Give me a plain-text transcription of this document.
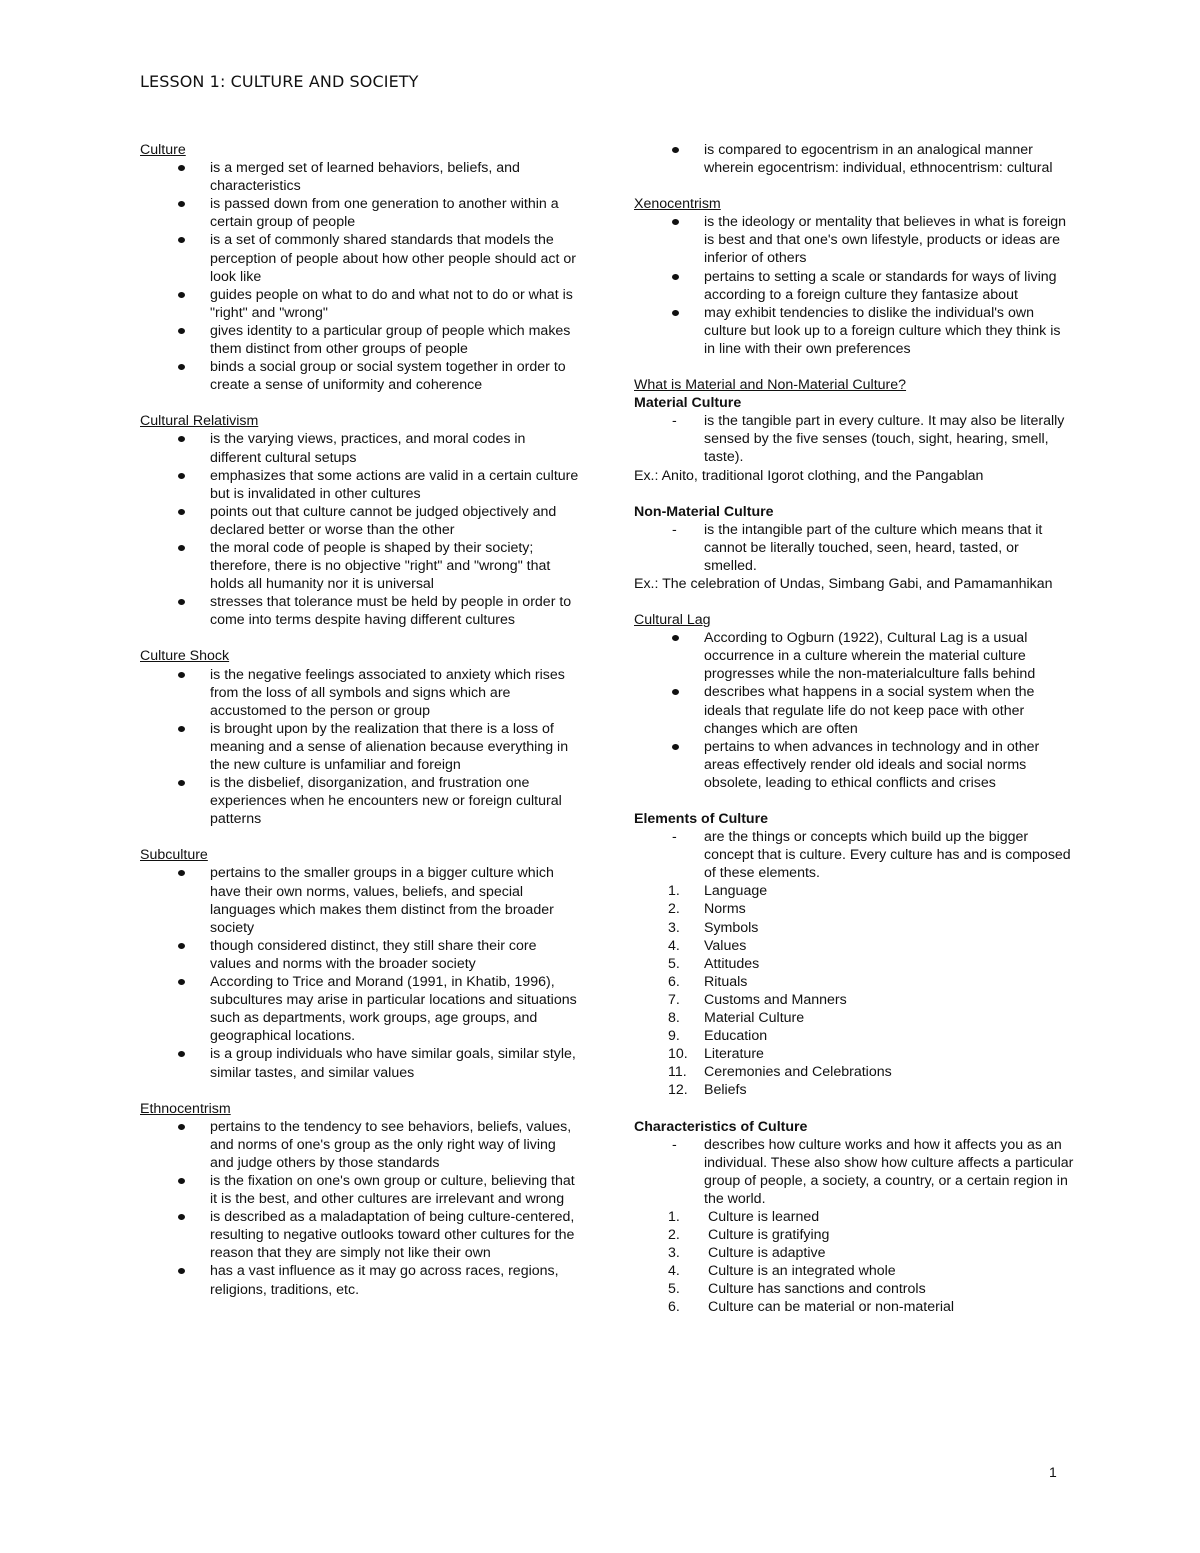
LESSON 1: CULTURE AND SOCIETY
Culture
is a merged set of learned behaviors, beliefs, and characteristics
is passed down from one generation to another within a certain group of people
is a set of commonly shared standards that models the perception of people about how other people should act or look like
guides people on what to do and what not to do or what is "right" and "wrong"
gives identity to a particular group of people which makes them distinct from other groups of people
binds a social group or social system together in order to create a sense of uniformity and coherence
Cultural Relativism
is the varying views, practices, and moral codes in different cultural setups
emphasizes that some actions are valid in a certain culture but is invalidated in other cultures
points out that culture cannot be judged objectively and declared better or worse than the other
the moral code of people is shaped by their society; therefore, there is no objective "right" and "wrong" that holds all humanity nor it is universal
stresses that tolerance must be held by people in order to come into terms despite having different cultures
Culture Shock
is the negative feelings associated to anxiety which rises from the loss of all symbols and signs which are accustomed to the person or group
is brought upon by the realization that there is a loss of meaning and a sense of alienation because everything in the new culture is unfamiliar and foreign
is the disbelief, disorganization, and frustration one experiences when he encounters new or foreign cultural patterns
Subculture
pertains to the smaller groups in a bigger culture which have their own norms, values, beliefs, and special languages which makes them distinct from the broader society
though considered distinct, they still share their core values and norms with the broader society
According to Trice and Morand (1991, in Khatib, 1996), subcultures may arise in particular locations and situations such as departments, work groups, age groups, and geographical locations.
is a group individuals who have similar goals, similar style, similar tastes, and similar values
Ethnocentrism
pertains to the tendency to see behaviors, beliefs, values, and norms of one's group as the only right way of living and judge others by those standards
is the fixation on one's own group or culture, believing that it is the best, and other cultures are irrelevant and wrong
is described as a maladaptation of being culture-centered, resulting to negative outlooks toward other cultures for the reason that they are simply not like their own
has a vast influence as it may go across races, regions, religions, traditions, etc.
is compared to egocentrism in an analogical manner wherein egocentrism: individual, ethnocentrism: cultural
Xenocentrism
is the ideology or mentality that believes in what is foreign is best and that one's own lifestyle, products or ideas are inferior of others
pertains to setting a scale or standards for ways of living according to a foreign culture they fantasize about
may exhibit tendencies to dislike the individual's own culture but look up to a foreign culture which they think is in line with their own preferences
What is Material and Non-Material Culture?
Material Culture
- is the tangible part in every culture. It may also be literally sensed by the five senses (touch, sight, hearing, smell, taste).
Ex.: Anito, traditional Igorot clothing, and the Pangablan
Non-Material Culture
- is the intangible part of the culture which means that it cannot be literally touched, seen, heard, tasted, or smelled.
Ex.: The celebration of Undas, Simbang Gabi, and Pamamanhikan
Cultural Lag
According to Ogburn (1922), Cultural Lag is a usual occurrence in a culture wherein the material culture progresses while the non-materialculture falls behind
describes what happens in a social system when the ideals that regulate life do not keep pace with other changes which are often
pertains to when advances in technology and in other areas effectively render old ideals and social norms obsolete, leading to ethical conflicts and crises
Elements of Culture
- are the things or concepts which build up the bigger concept that is culture. Every culture has and is composed of these elements.
1. Language
2. Norms
3. Symbols
4. Values
5. Attitudes
6. Rituals
7. Customs and Manners
8. Material Culture
9. Education
10. Literature
11. Ceremonies and Celebrations
12. Beliefs
Characteristics of Culture
- describes how culture works and how it affects you as an individual. These also show how culture affects a particular group of people, a society, a country, or a certain region in the world.
1. Culture is learned
2. Culture is gratifying
3. Culture is adaptive
4. Culture is an integrated whole
5. Culture has sanctions and controls
6. Culture can be material or non-material
1
